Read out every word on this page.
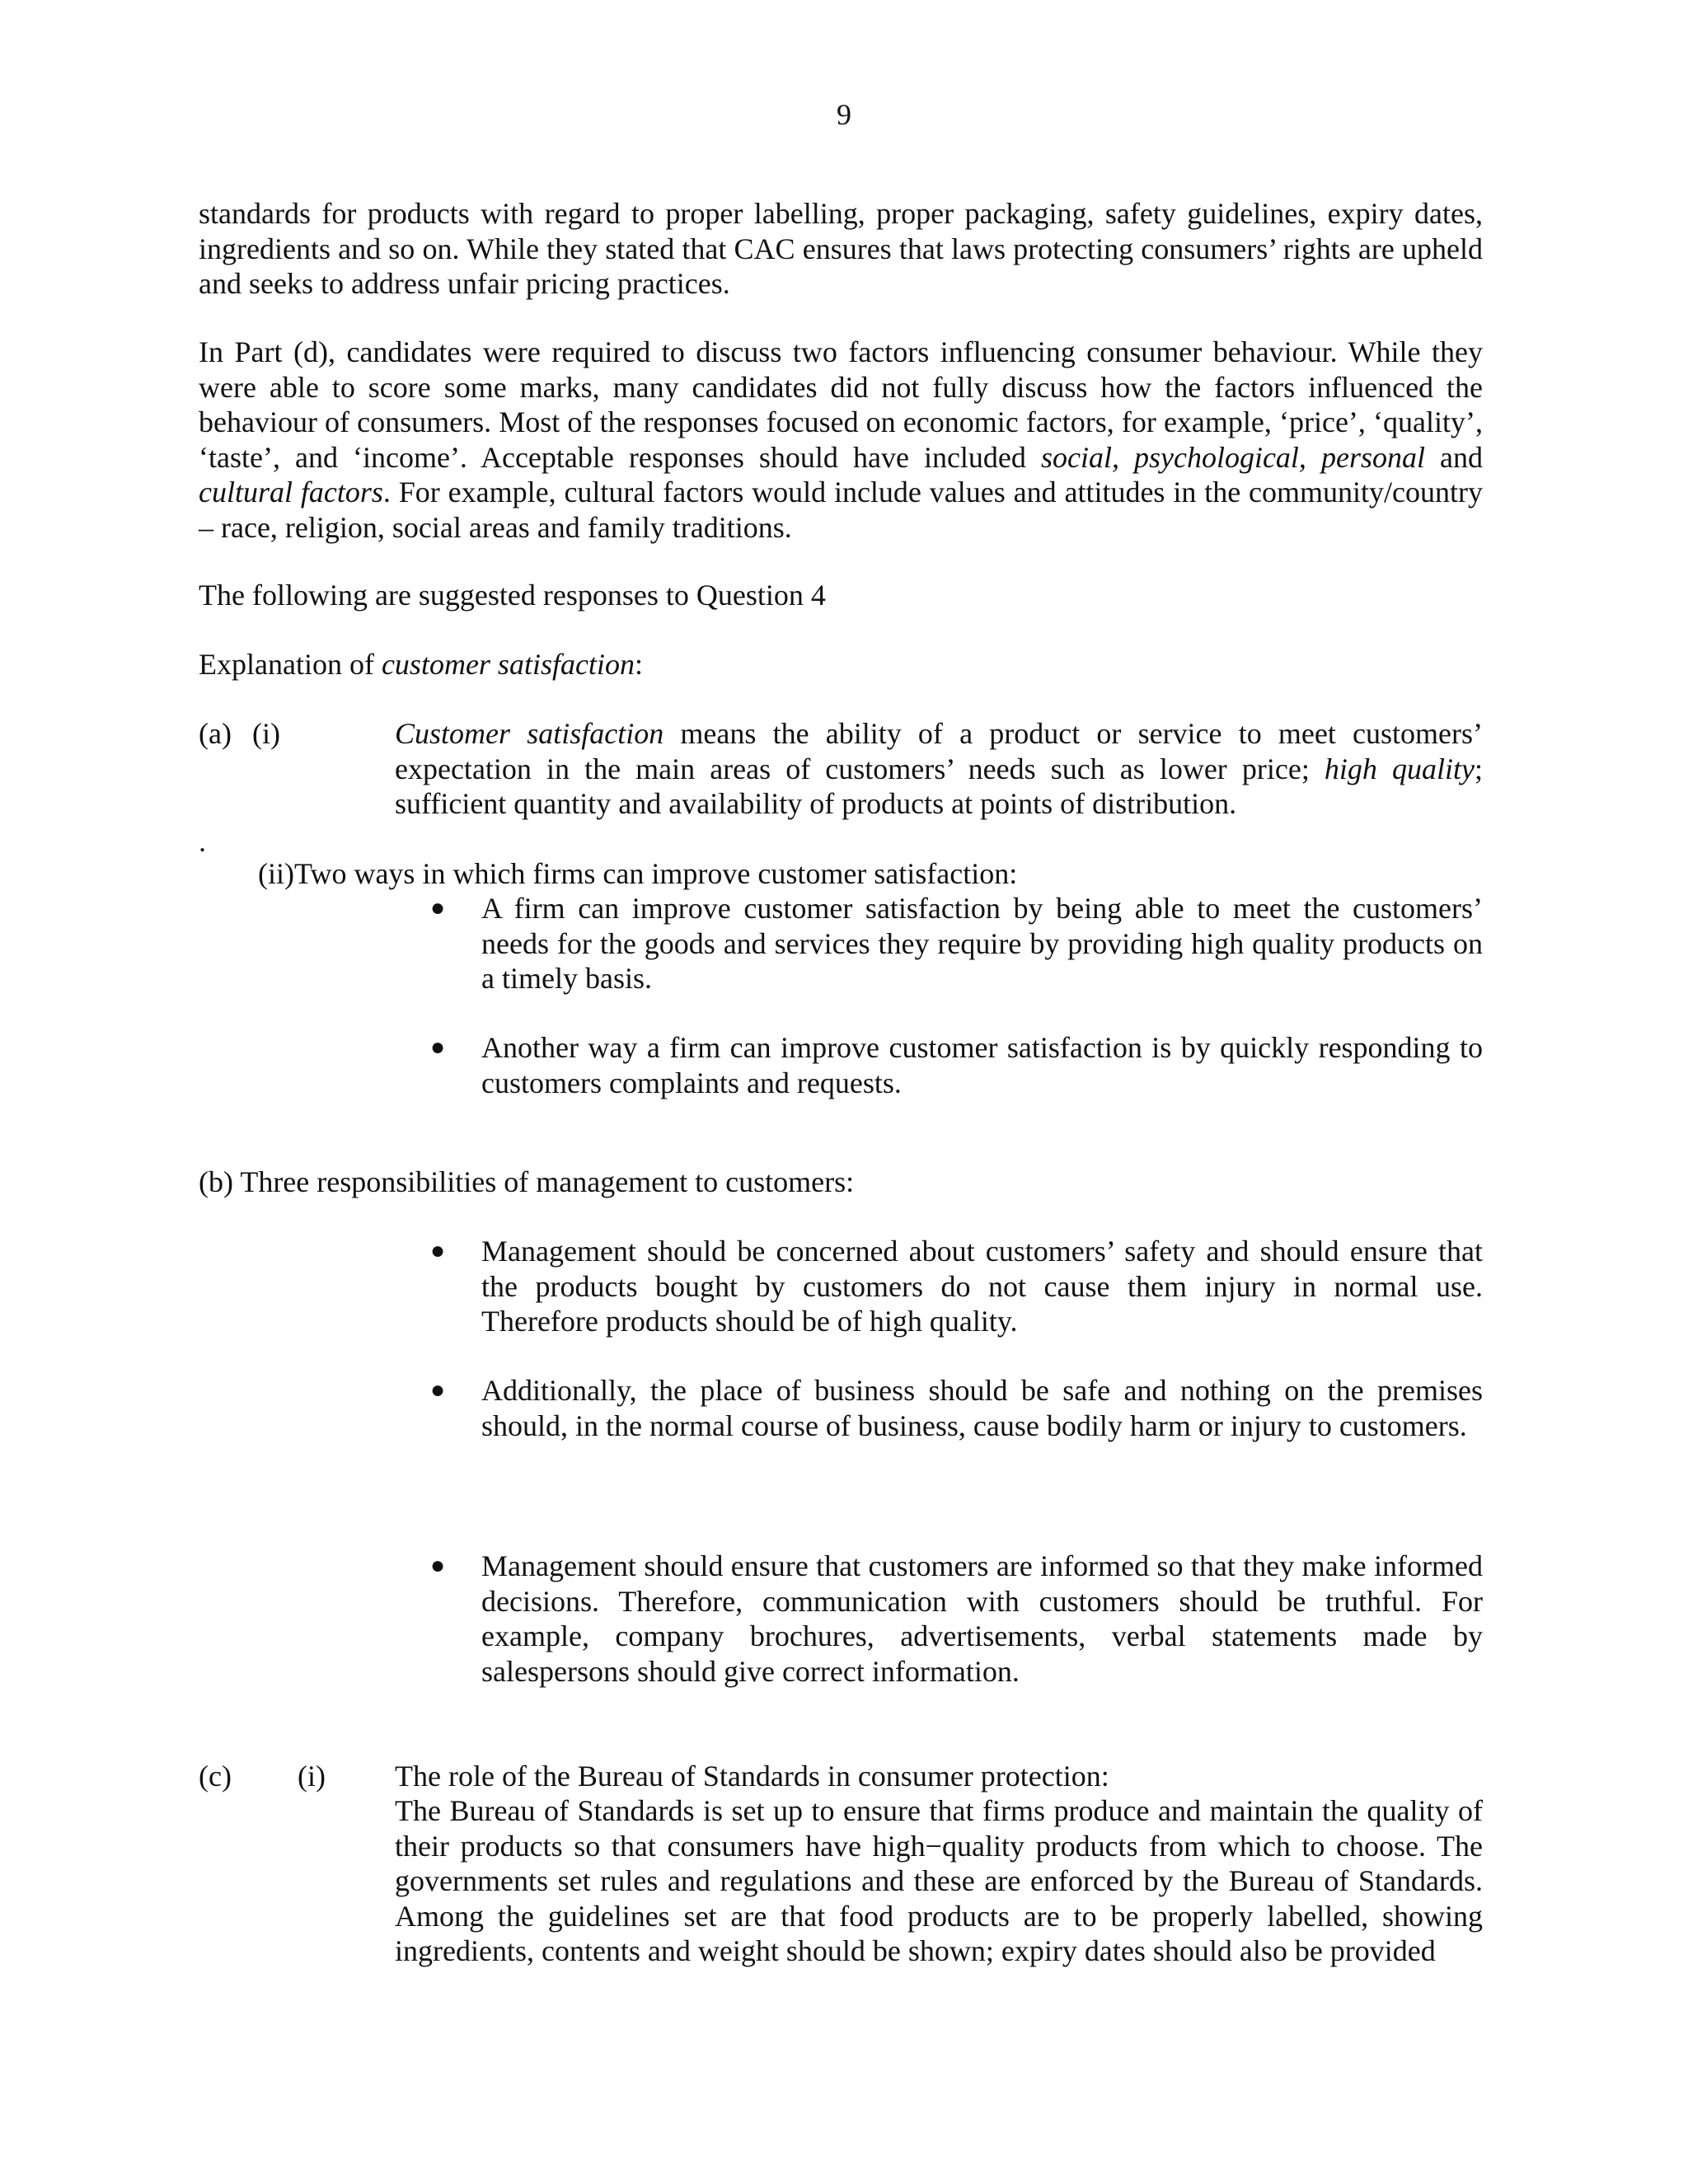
9

standards for products with regard to proper labelling, proper packaging, safety guidelines, expiry dates, ingredients and so on. While they stated that CAC ensures that laws protecting consumers’ rights are upheld and seeks to address unfair pricing practices.

In Part (d), candidates were required to discuss two factors influencing consumer behaviour. While they were able to score some marks, many candidates did not fully discuss how the factors influenced the behaviour of consumers. Most of the responses focused on economic factors, for example, ‘price’, ‘quality’, ‘taste’, and ‘income’. Acceptable responses should have included social, psychological, personal and cultural factors. For example, cultural factors would include values and attitudes in the community/country – race, religion, social areas and family traditions.

The following are suggested responses to Question 4

Explanation of customer satisfaction:

(a) (i)	Customer satisfaction means the ability of a product or service to meet customers’ expectation in the main areas of customers’ needs such as lower price; high quality; sufficient quantity and availability of products at points of distribution.

.

(ii)Two ways in which firms can improve customer satisfaction:

● A firm can improve customer satisfaction by being able to meet the customers’ needs for the goods and services they require by providing high quality products on a timely basis.

● Another way a firm can improve customer satisfaction is by quickly responding to customers complaints and requests.

(b) Three responsibilities of management to customers:

● Management should be concerned about customers’ safety and should ensure that the products bought by customers do not cause them injury in normal use. Therefore products should be of high quality.

● Additionally, the place of business should be safe and nothing on the premises should, in the normal course of business, cause bodily harm or injury to customers.

● Management should ensure that customers are informed so that they make informed decisions. Therefore, communication with customers should be truthful. For example, company brochures, advertisements, verbal statements made by salespersons should give correct information.

(c) (i) The role of the Bureau of Standards in consumer protection:

The Bureau of Standards is set up to ensure that firms produce and maintain the quality of their products so that consumers have high−quality products from which to choose. The governments set rules and regulations and these are enforced by the Bureau of Standards. Among the guidelines set are that food products are to be properly labelled, showing ingredients, contents and weight should be shown; expiry dates should also be provided
